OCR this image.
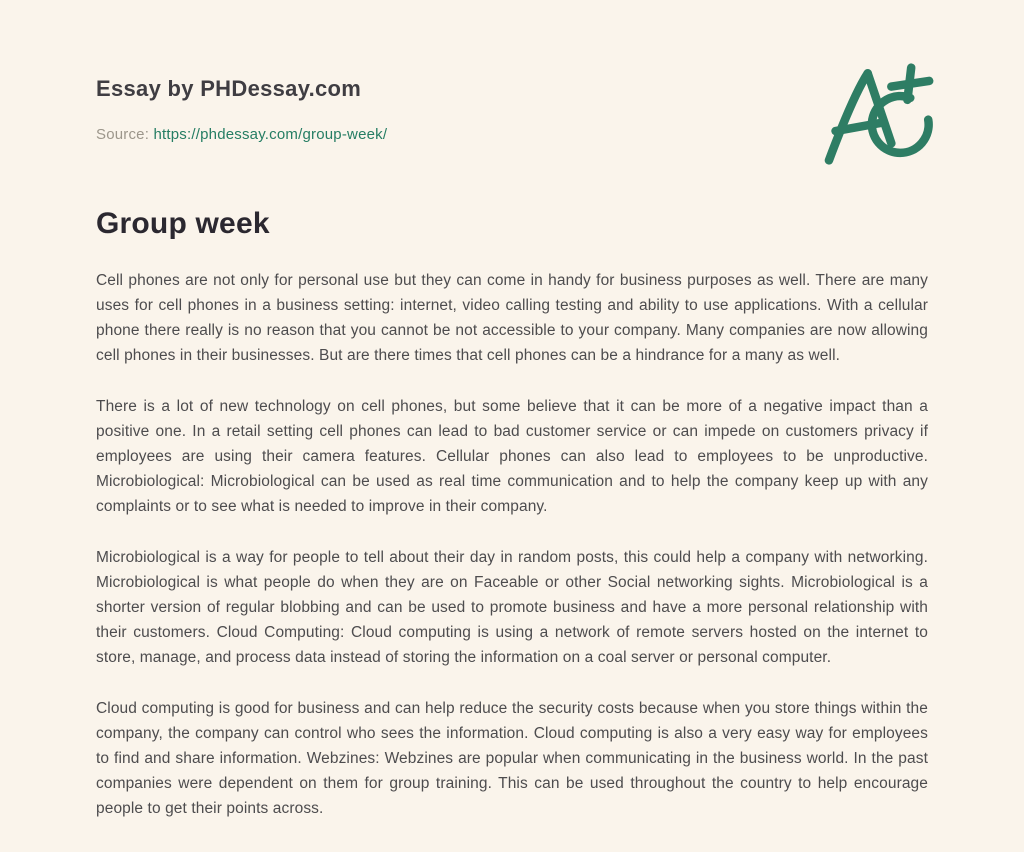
Essay by PHDessay.com
Source: https://phdessay.com/group-week/
Group week

Cell phones are not only for personal use but they can come in handy for business purposes as well. There are many uses for cell phones in a business setting: internet, video calling testing and ability to use applications. With a cellular phone there really is no reason that you cannot be not accessible to your company. Many companies are now allowing cell phones in their businesses. But are there times that cell phones can be a hindrance for a many as well.

There is a lot of new technology on cell phones, but some believe that it can be more of a negative impact than a positive one. In a retail setting cell phones can lead to bad customer service or can impede on customers privacy if employees are using their camera features. Cellular phones can also lead to employees to be unproductive. Microbiological: Microbiological can be used as real time communication and to help the company keep up with any complaints or to see what is needed to improve in their company.

Microbiological is a way for people to tell about their day in random posts, this could help a company with networking. Microbiological is what people do when they are on Faceable or other Social networking sights. Microbiological is a shorter version of regular blobbing and can be used to promote business and have a more personal relationship with their customers. Cloud Computing: Cloud computing is using a network of remote servers hosted on the internet to store, manage, and process data instead of storing the information on a coal server or personal computer.

Cloud computing is good for business and can help reduce the security costs because when you store things within the company, the company can control who sees the information. Cloud computing is also a very easy way for employees to find and share information. Webzines: Webzines are popular when communicating in the business world. In the past companies were dependent on them for group training. This can be used throughout the country to help encourage people to get their points across.
